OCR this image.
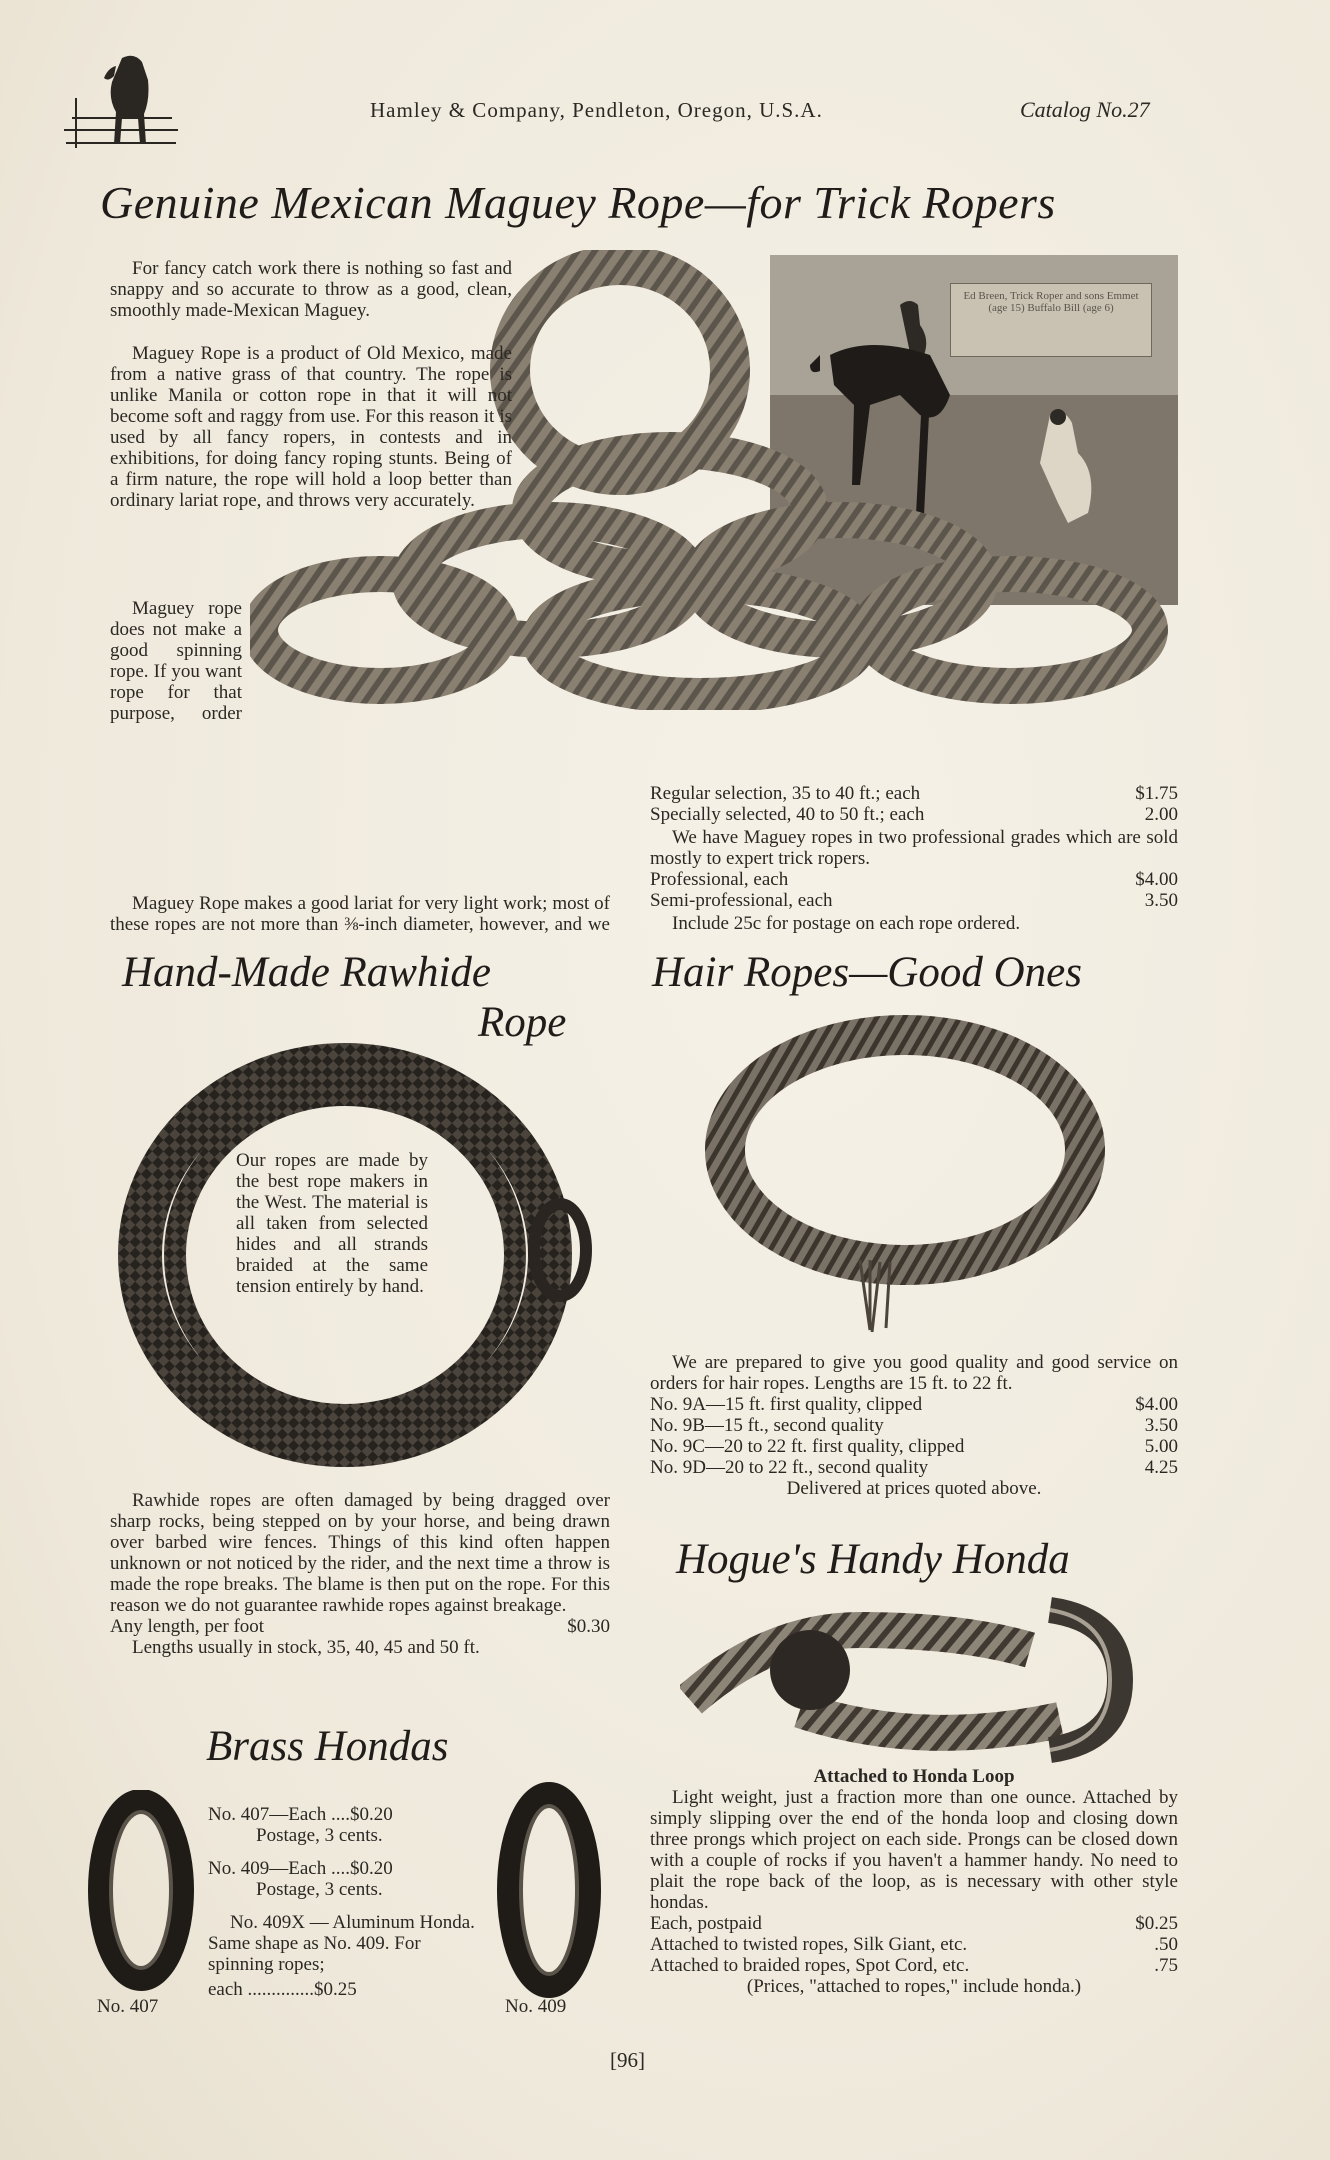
Hamley & Company, Pendleton, Oregon, U.S.A.	Catalog No.27
Genuine Mexican Maguey Rope—for Trick Ropers
Ed Breen, Trick Roper and sons Emmet (age 15) Buffalo Bill (age 6)

For fancy catch work there is nothing so fast and snappy and so accurate to throw as a good, clean, smoothly made-Mexican Maguey.

Maguey Rope is a product of Old Mexico, made from a native grass of that country. The rope is unlike Manila or cotton rope in that it will not become soft and raggy from use. For this reason it is used by all fancy ropers, in contests and in exhibitions, for doing fancy roping stunts. Being of a firm nature, the rope will hold a loop better than ordinary lariat rope, and throws very accurately.

Maguey rope does not make a good spinning rope. If you want rope for that purpose, order

Maguey Rope makes a good lariat for very light work; most of these ropes are not more than ⅜-inch diameter, however, and we

Regular selection, 35 to 40 ft.; each	$1.75
Specially selected, 40 to 50 ft.; each	2.00
We have Maguey ropes in two professional grades which are sold mostly to expert trick ropers.
Professional, each	$4.00
Semi-professional, each	3.50
Include 25c for postage on each rope ordered.
Hand-Made Rawhide
Rope
Our ropes are made by the best rope makers in the West. The material is all taken from selected hides and all strands braided at the same tension entirely by hand.

Rawhide ropes are often damaged by being dragged over sharp rocks, being stepped on by your horse, and being drawn over barbed wire fences. Things of this kind often happen unknown or not noticed by the rider, and the next time a throw is made the rope breaks. The blame is then put on the rope. For this reason we do not guarantee rawhide ropes against breakage.

Any length, per foot	$0.30

Lengths usually in stock, 35, 40, 45 and 50 ft.

Hair Ropes—Good Ones
We are prepared to give you good quality and good service on orders for hair ropes. Lengths are 15 ft. to 22 ft.
No. 9A—15 ft. first quality, clipped	$4.00
No. 9B—15 ft., second quality	3.50
No. 9C—20 to 22 ft. first quality, clipped	5.00
No. 9D—20 to 22 ft., second quality	4.25
Delivered at prices quoted above.
Hogue's Handy Honda
Attached to Honda Loop
Light weight, just a fraction more than one ounce. Attached by simply slipping over the end of the honda loop and closing down three prongs which project on each side. Prongs can be closed down with a couple of rocks if you haven't a hammer handy. No need to plait the rope back of the loop, as is necessary with other style hondas.
Each, postpaid	$0.25
Attached to twisted ropes, Silk Giant, etc.	.50
Attached to braided ropes, Spot Cord, etc.	.75
(Prices, "attached to ropes," include honda.)
Brass Hondas
No. 407	No. 409
No. 407—Each ....$0.20
Postage, 3 cents.
No. 409—Each ....$0.20
Postage, 3 cents.
No. 409X — Aluminum Honda. Same shape as No. 409. For spinning ropes;
each ..............$0.25
[96]
